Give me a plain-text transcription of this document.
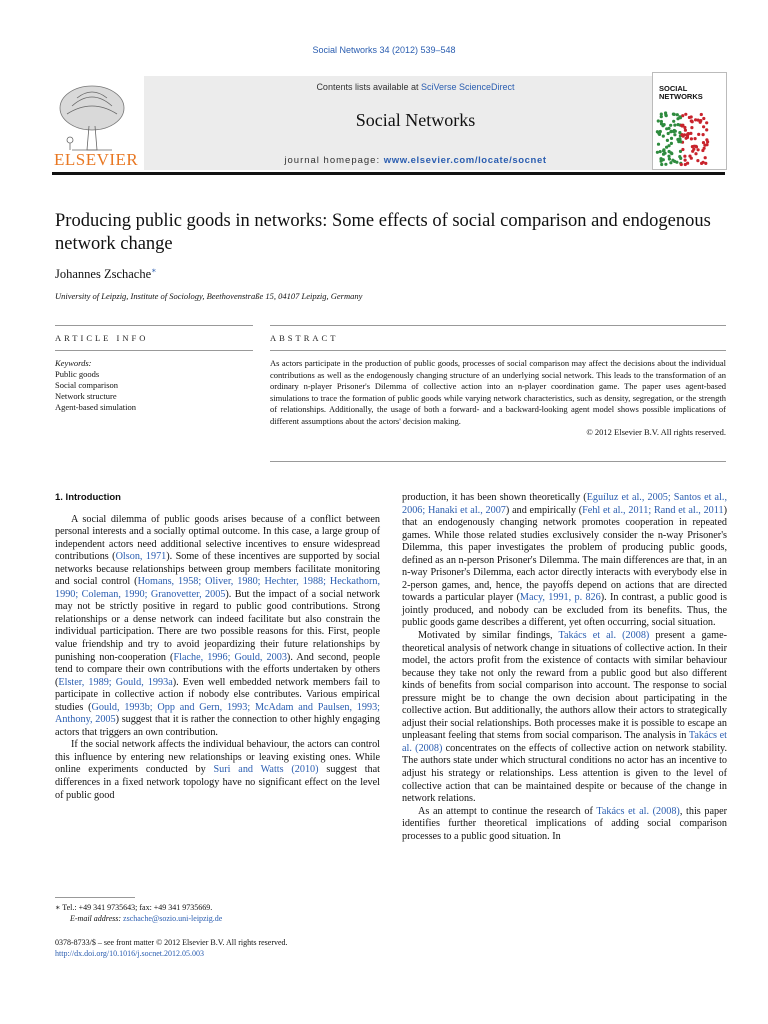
Social Networks 34 (2012) 539–548
ELSEVIER
Contents lists available at SciVerse ScienceDirect
Social Networks
journal homepage: www.elsevier.com/locate/socnet
SOCIAL NETWORKS
Producing public goods in networks: Some effects of social comparison and endogenous network change
Johannes Zschache∗
University of Leipzig, Institute of Sociology, Beethovenstraße 15, 04107 Leipzig, Germany
ARTICLE INFO	ABSTRACT
Keywords:
Public goods
Social comparison
Network structure
Agent-based simulation
As actors participate in the production of public goods, processes of social comparison may affect the decisions about the individual contributions as well as the endogenously changing structure of an underlying social network. This leads to the transformation of an ordinary n-player Prisoner's Dilemma of collective action into an n-player coordination game. The paper uses agent-based simulations to trace the formation of public goods while varying network characteristics, such as density, segregation, or the strength of relationships. Additionally, the usage of both a forward- and a backward-looking agent model shows possible implications of different assumptions about the actors' decision making.
© 2012 Elsevier B.V. All rights reserved.

1. Introduction

A social dilemma of public goods arises because of a conflict between personal interests and a socially optimal outcome. In this case, a large group of independent actors need additional selective incentives to ensure widespread contributions (Olson, 1971). Some of these incentives are supported by social networks because relationships between group members facilitate monitoring and social control (Homans, 1958; Oliver, 1980; Hechter, 1988; Heckathorn, 1990; Coleman, 1990; Granovetter, 2005). But the impact of a social network may not be strictly positive in regard to public good contributions. Strong relationships or a dense network can indeed facilitate but also constrain the individual participation. There are two possible reasons for this. First, people value friendship and try to avoid jeopardizing their future relationships by punishing non-cooperation (Flache, 1996; Gould, 2003). And second, people tend to compare their own contributions with the efforts undertaken by others (Elster, 1989; Gould, 1993a). Even well embedded network members fail to participate in collective action if nobody else contributes. Various empirical studies (Gould, 1993b; Opp and Gern, 1993; McAdam and Paulsen, 1993; Anthony, 2005) suggest that it is rather the connection to other highly engaging actors that triggers an own contribution.

If the social network affects the individual behaviour, the actors can control this influence by entering new relationships or leaving existing ones. While online experiments conducted by Suri and Watts (2010) suggest that differences in a fixed network topology have no significant effect on the level of public good

production, it has been shown theoretically (Eguíluz et al., 2005; Santos et al., 2006; Hanaki et al., 2007) and empirically (Fehl et al., 2011; Rand et al., 2011) that an endogenously changing network promotes cooperation in repeated games. While those related studies exclusively consider the n-way Prisoner's Dilemma, this paper investigates the problem of producing public goods, defined as an n-person Prisoner's Dilemma. The main differences are that, in an n-way Prisoner's Dilemma, each actor directly interacts with everybody else in 2-person games, and, hence, the payoffs depend on actions that are directed towards a particular player (Macy, 1991, p. 826). In contrast, a public good is jointly produced, and nobody can be excluded from its benefits. Thus, the public goods game describes a different, yet often occurring, social situation.

Motivated by similar findings, Takács et al. (2008) present a game-theoretical analysis of network change in situations of collective action. In their model, the actors profit from the existence of contacts with similar behaviour because they take not only the reward from a public good but also different kinds of benefits from social comparison into account. The response to social pressure might be to change the own decision about participating in the collective action. But additionally, the authors allow their actors to strategically adjust their social relationships. Both processes make it is possible to escape an unpleasant feeling that stems from social comparison. The analysis in Takács et al. (2008) concentrates on the effects of collective action on network stability. The authors state under which structural conditions no actor has an incentive to adjust his strategy or relationships. Less attention is given to the level of collective action that can be maintained despite or because of the change in network relations.

As an attempt to continue the research of Takács et al. (2008), this paper identifies further theoretical implications of adding social comparison processes to a public good situation. In

∗ Tel.: +49 341 9735643; fax: +49 341 9735669.
E-mail address: zschache@sozio.uni-leipzig.de
0378-8733/$ – see front matter © 2012 Elsevier B.V. All rights reserved.
http://dx.doi.org/10.1016/j.socnet.2012.05.003
